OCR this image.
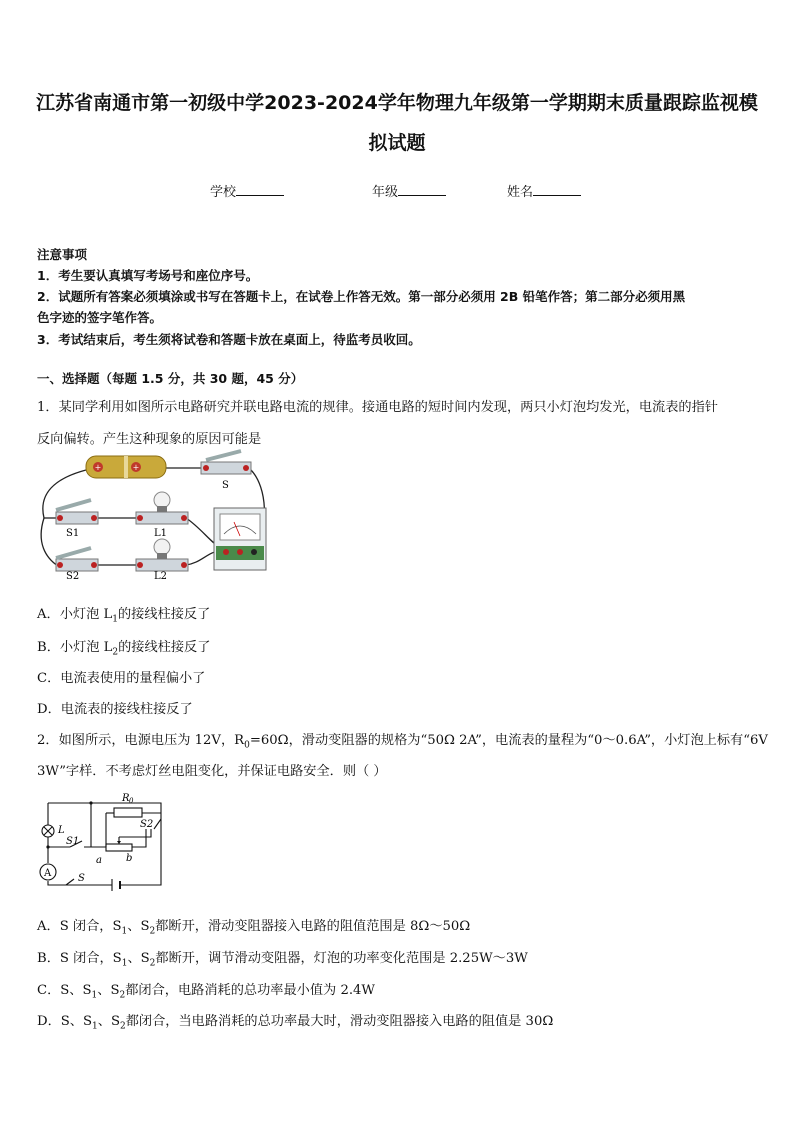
江苏省南通市第一初级中学2023-2024学年物理九年级第一学期期末质量跟踪监视模
拟试题
学校	年级	姓名
注意事项
1．考生要认真填写考场号和座位序号。
2．试题所有答案必须填涂或书写在答题卡上，在试卷上作答无效。第一部分必须用 2B 铅笔作答；第二部分必须用黑
色字迹的签字笔作答。
3．考试结束后，考生须将试卷和答题卡放在桌面上，待监考员收回。
一、选择题（每题 1.5 分，共 30 题，45 分）
1．某同学利用如图所示电路研究并联电路电流的规律。接通电路的短时间内发现，两只小灯泡均发光，电流表的指针
反向偏转。产生这种现象的原因可能是
+	+
S
S1
S2
L1
L2
A．小灯泡 $L_1$的接线柱接反了
B．小灯泡 $L_2$的接线柱接反了
C．电流表使用的量程偏小了
D．电流表的接线柱接反了
2．如图所示，电源电压为 12V，$R_0=60\Omega$，滑动变阻器的规格为“50Ω 2A”，电流表的量程为“0～0.6A”，小灯泡上标有“6V
3W”字样．不考虑灯丝电阻变化，并保证电路安全．则（ ）
R 0
L
S1
S2
a b
S
A
A．S 闭合，$S_1$、$S_2$都断开，滑动变阻器接入电路的阻值范围是 8Ω～50Ω
B．S 闭合，$S_1$、$S_2$都断开，调节滑动变阻器，灯泡的功率变化范围是 2.25W～3W
C．S、$S_1$、$S_2$都闭合，电路消耗的总功率最小值为 2.4W
D．S、$S_1$、$S_2$都闭合，当电路消耗的总功率最大时，滑动变阻器接入电路的阻值是 30Ω
